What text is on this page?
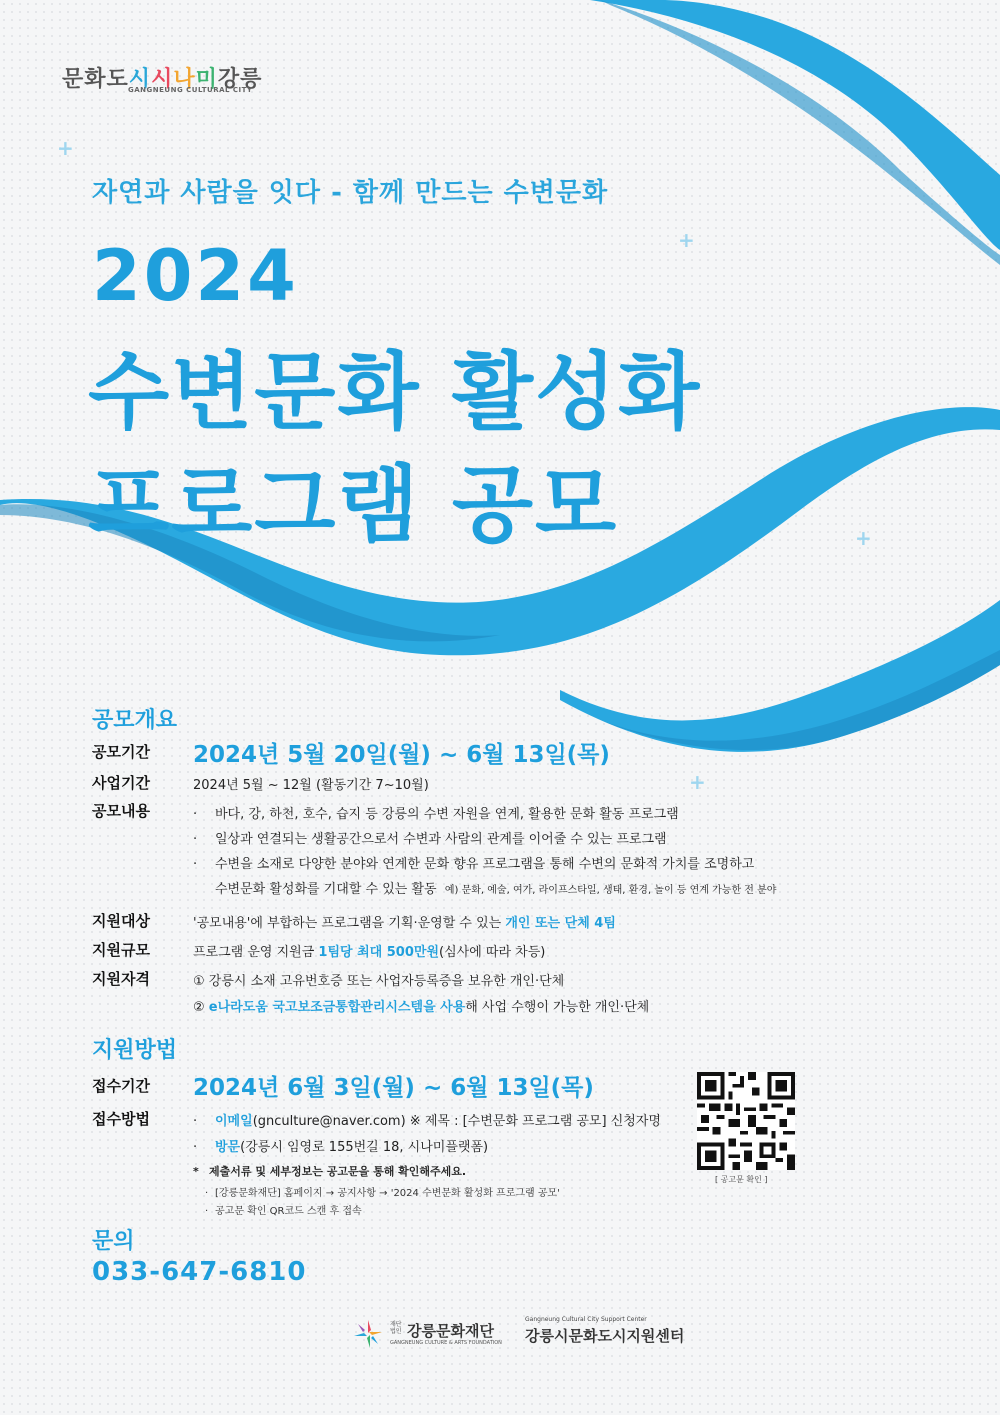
+
+
+
+
문화도시시나미강릉
GANGNEUNG CULTURAL CITY
자연과 사람을 잇다 - 함께 만드는 수변문화
2024
수변문화 활성화
프로그램 공모
공모개요
공모기간 2024년 5월 20일(월) ~ 6월 13일(목)
사업기간	2024년 5월 ~ 12월 (활동기간 7~10월)
공모내용	· 바다, 강, 하천, 호수, 습지 등 강릉의 수변 자원을 연계, 활용한 문화 활동 프로그램
· 일상과 연결되는 생활공간으로서 수변과 사람의 관계를 이어줄 수 있는 프로그램
· 수변을 소재로 다양한 분야와 연계한 문화 향유 프로그램을 통해 수변의 문화적 가치를 조명하고
수변문화 활성화를 기대할 수 있는 활동 예) 문화, 예술, 여가, 라이프스타일, 생태, 환경, 놀이 등 연계 가능한 전 분야
지원대상	'공모내용'에 부합하는 프로그램을 기획·운영할 수 있는 개인 또는 단체 4팀
지원규모	프로그램 운영 지원금 1팀당 최대 500만원(심사에 따라 차등)
지원자격	① 강릉시 소재 고유번호증 또는 사업자등록증을 보유한 개인·단체
② e나라도움 국고보조금통합관리시스템을 사용해 사업 수행이 가능한 개인·단체
지원방법
접수기간 2024년 6월 3일(월) ~ 6월 13일(목)
접수방법	· 이메일(gnculture@naver.com) ※ 제목 : [수변문화 프로그램 공모] 신청자명
· 방문(강릉시 임영로 155번길 18, 시나미플랫폼)
* 제출서류 및 세부정보는 공고문을 통해 확인해주세요.
· [강릉문화재단] 홈페이지 → 공지사항 → '2024 수변문화 활성화 프로그램 공모'
· 공고문 확인 QR코드 스캔 후 접속
[ 공고문 확인 ]
문의
033-647-6810
재단법인 강릉문화재단
GANGNEUNG CULTURE & ARTS FOUNDATION
Gangneung Cultural City Support Center
강릉시문화도시지원센터
